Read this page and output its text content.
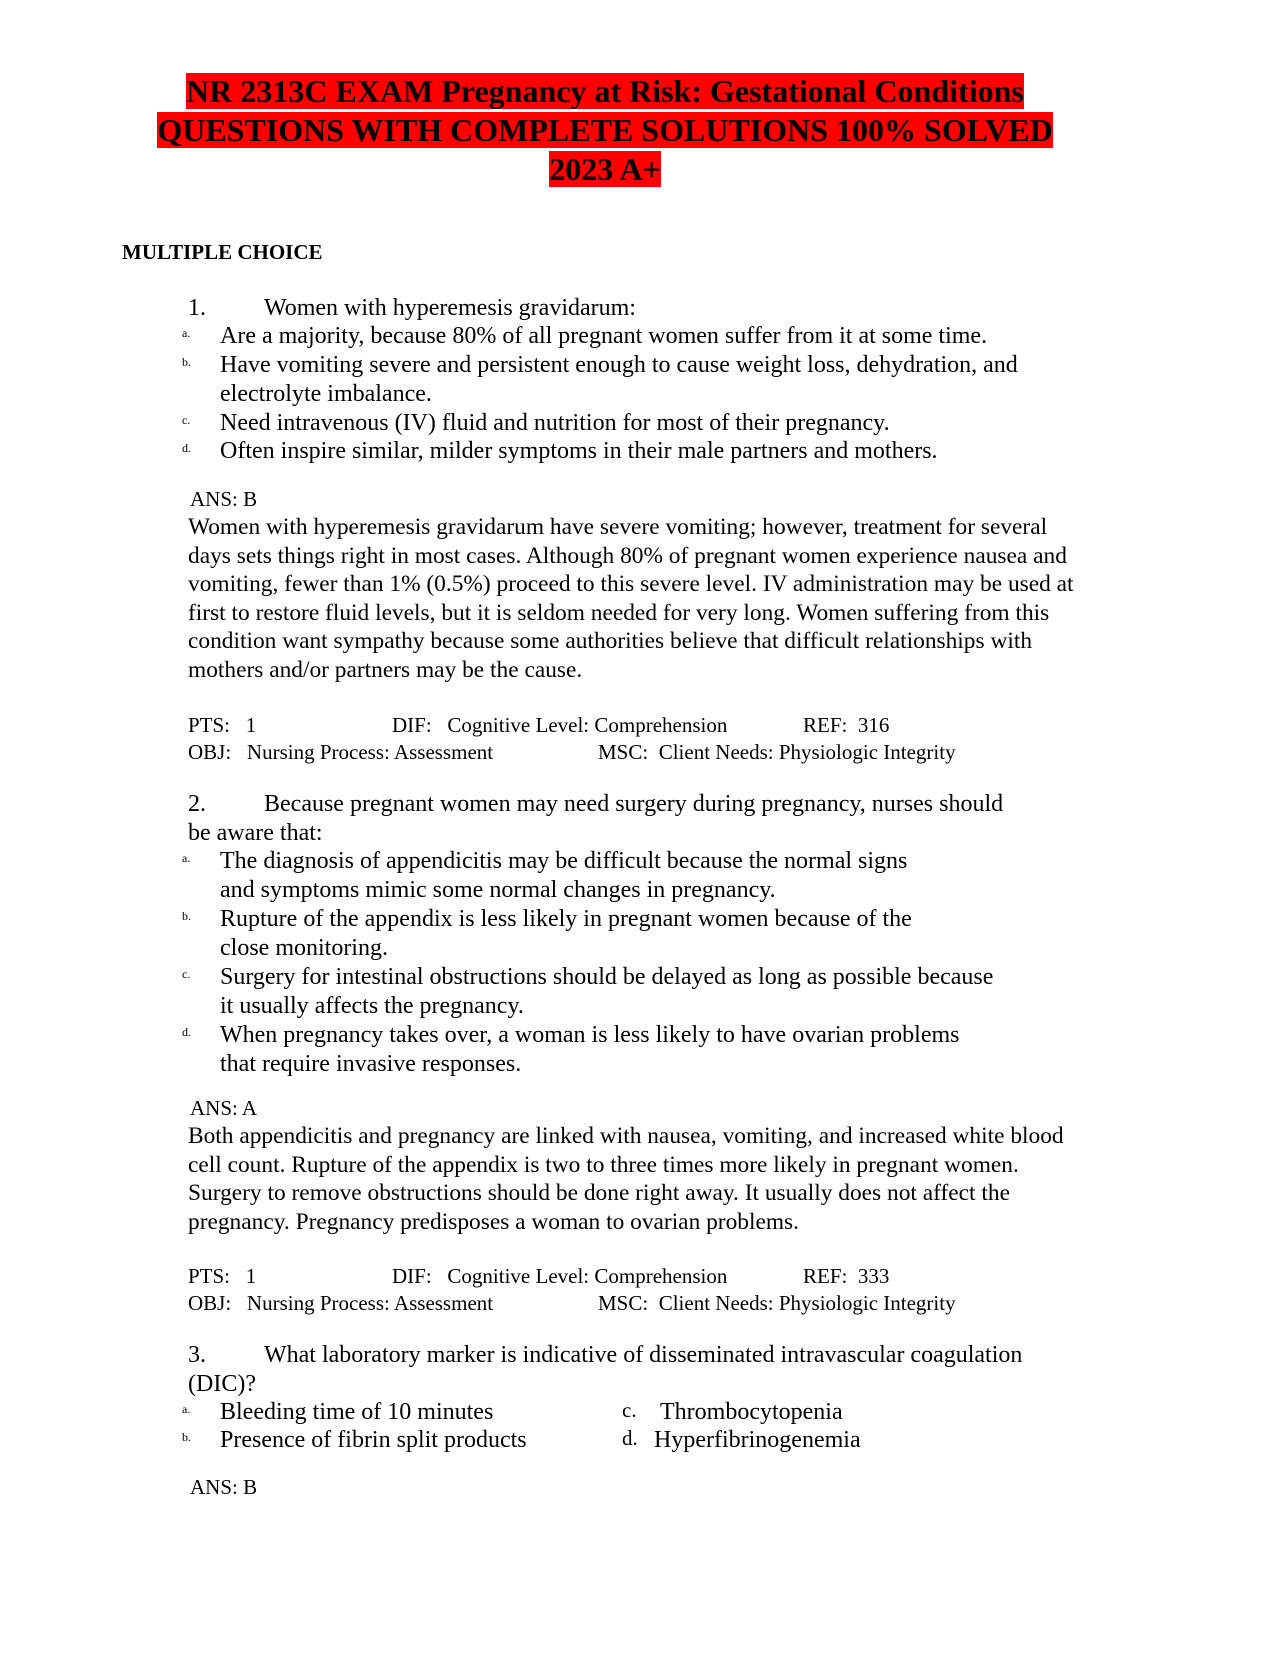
NR 2313C EXAM Pregnancy at Risk: Gestational Conditions
QUESTIONS WITH COMPLETE SOLUTIONS 100% SOLVED
2023 A+
MULTIPLE CHOICE
1. Women with hyperemesis gravidarum:
a. Are a majority, because 80% of all pregnant women suffer from it at some time.
b. Have vomiting severe and persistent enough to cause weight loss, dehydration, and
electrolyte imbalance.
c. Need intravenous (IV) fluid and nutrition for most of their pregnancy.
d. Often inspire similar, milder symptoms in their male partners and mothers.
ANS: B
Women with hyperemesis gravidarum have severe vomiting; however, treatment for several days sets things right in most cases. Although 80% of pregnant women experience nausea and vomiting, fewer than 1% (0.5%) proceed to this severe level. IV administration may be used at first to restore fluid levels, but it is seldom needed for very long. Women suffering from this condition want sympathy because some authorities believe that difficult relationships with mothers and/or partners may be the cause.
PTS:   1	DIF:   Cognitive Level: Comprehension	REF:  316
OBJ:   Nursing Process: Assessment	MSC:  Client Needs: Physiologic Integrity
2. Because pregnant women may need surgery during pregnancy, nurses should
be aware that:
a. The diagnosis of appendicitis may be difficult because the normal signs
and symptoms mimic some normal changes in pregnancy.
b. Rupture of the appendix is less likely in pregnant women because of the
close monitoring.
c. Surgery for intestinal obstructions should be delayed as long as possible because
it usually affects the pregnancy.
d. When pregnancy takes over, a woman is less likely to have ovarian problems
that require invasive responses.
ANS: A
Both appendicitis and pregnancy are linked with nausea, vomiting, and increased white blood cell count. Rupture of the appendix is two to three times more likely in pregnant women. Surgery to remove obstructions should be done right away. It usually does not affect the pregnancy. Pregnancy predisposes a woman to ovarian problems.
PTS:   1	DIF:   Cognitive Level: Comprehension	REF:  333
OBJ:   Nursing Process: Assessment	MSC:  Client Needs: Physiologic Integrity
3. What laboratory marker is indicative of disseminated intravascular coagulation
(DIC)?
a. Bleeding time of 10 minutes
b. Presence of fibrin split products
c. Thrombocytopenia
d. Hyperfibrinogenemia
ANS: B
